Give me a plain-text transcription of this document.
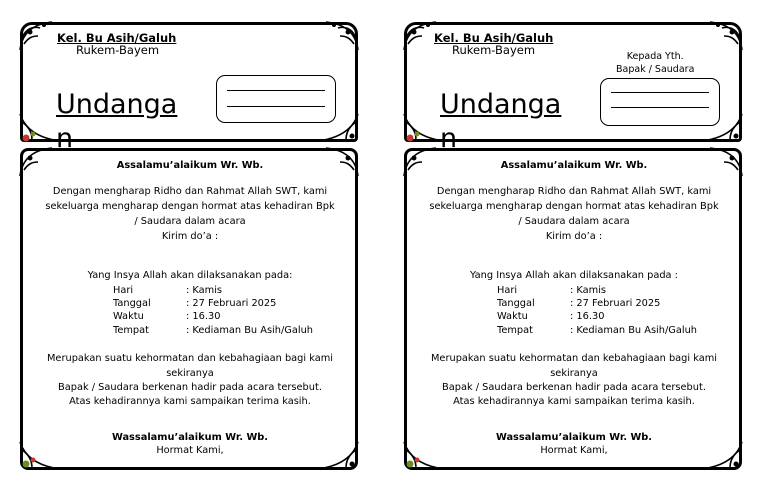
Kel. Bu Asih/Galuh
Rukem-Bayem
Undangan
Assalamu’alaikum Wr. Wb.
Dengan mengharap Ridho dan Rahmat Allah SWT, kami
sekeluarga mengharap dengan hormat atas kehadiran Bpk
/ Saudara dalam acara
Kirim do’a :
Yang Insya Allah akan dilaksanakan pada:
Hari	: Kamis
Tanggal	: 27 Februari 2025
Waktu	: 16.30
Tempat	: Kediaman Bu Asih/Galuh
Merupakan suatu kehormatan dan kebahagiaan bagi kami
sekiranya
Bapak / Saudara berkenan hadir pada acara tersebut.
Atas kehadirannya kami sampaikan terima kasih.
Wassalamu’alaikum Wr. Wb.
Hormat Kami,
Kel. Bu Asih/Galuh
Rukem-Bayem	Kepada Yth.
Bapak / Saudara
Undangan
Assalamu’alaikum Wr. Wb.
Dengan mengharap Ridho dan Rahmat Allah SWT, kami
sekeluarga mengharap dengan hormat atas kehadiran Bpk
/ Saudara dalam acara
Kirim do’a :
Yang Insya Allah akan dilaksanakan pada :
Hari	: Kamis
Tanggal	: 27 Februari 2025
Waktu	: 16.30
Tempat	: Kediaman Bu Asih/Galuh
Merupakan suatu kehormatan dan kebahagiaan bagi kami
sekiranya
Bapak / Saudara berkenan hadir pada acara tersebut.
Atas kehadirannya kami sampaikan terima kasih.
Wassalamu’alaikum Wr. Wb.
Hormat Kami,
